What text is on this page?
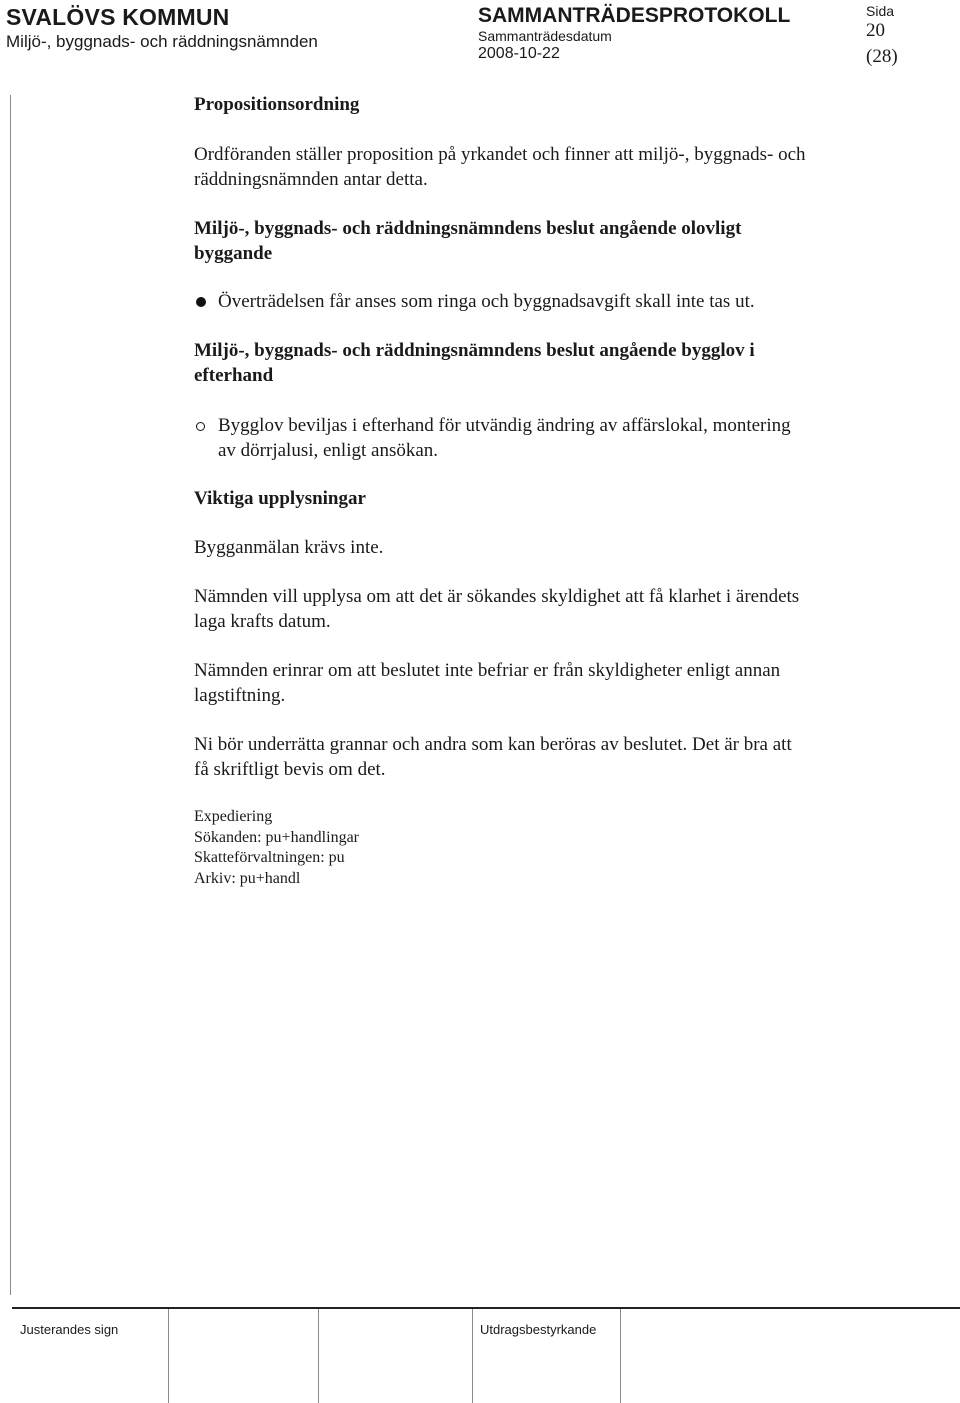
SVALÖVS KOMMUN
Miljö-, byggnads- och räddningsnämnden
SAMMANTRÄDESPROTOKOLL
Sammanträdesdatum
2008-10-22
Sida
20
(28)

Propositionsordning

Ordföranden ställer proposition på yrkandet och finner att miljö-, byggnads- och

räddningsnämnden antar detta.

Miljö-, byggnads- och räddningsnämndens beslut angående olovligt

byggande

Överträdelsen får anses som ringa och byggnadsavgift skall inte tas ut.

Miljö-, byggnads- och räddningsnämndens beslut angående bygglov i

efterhand

Bygglov beviljas i efterhand för utvändig ändring av affärslokal, montering

av dörrjalusi, enligt ansökan.

Viktiga upplysningar

Bygganmälan krävs inte.

Nämnden vill upplysa om att det är sökandes skyldighet att få klarhet i ärendets

laga krafts datum.

Nämnden erinrar om att beslutet inte befriar er från skyldigheter enligt annan

lagstiftning.

Ni bör underrätta grannar och andra som kan beröras av beslutet. Det är bra att

få skriftligt bevis om det.

Expediering

Sökanden: pu+handlingar

Skatteförvaltningen: pu

Arkiv: pu+handl

Justerandes sign	Utdragsbestyrkande
